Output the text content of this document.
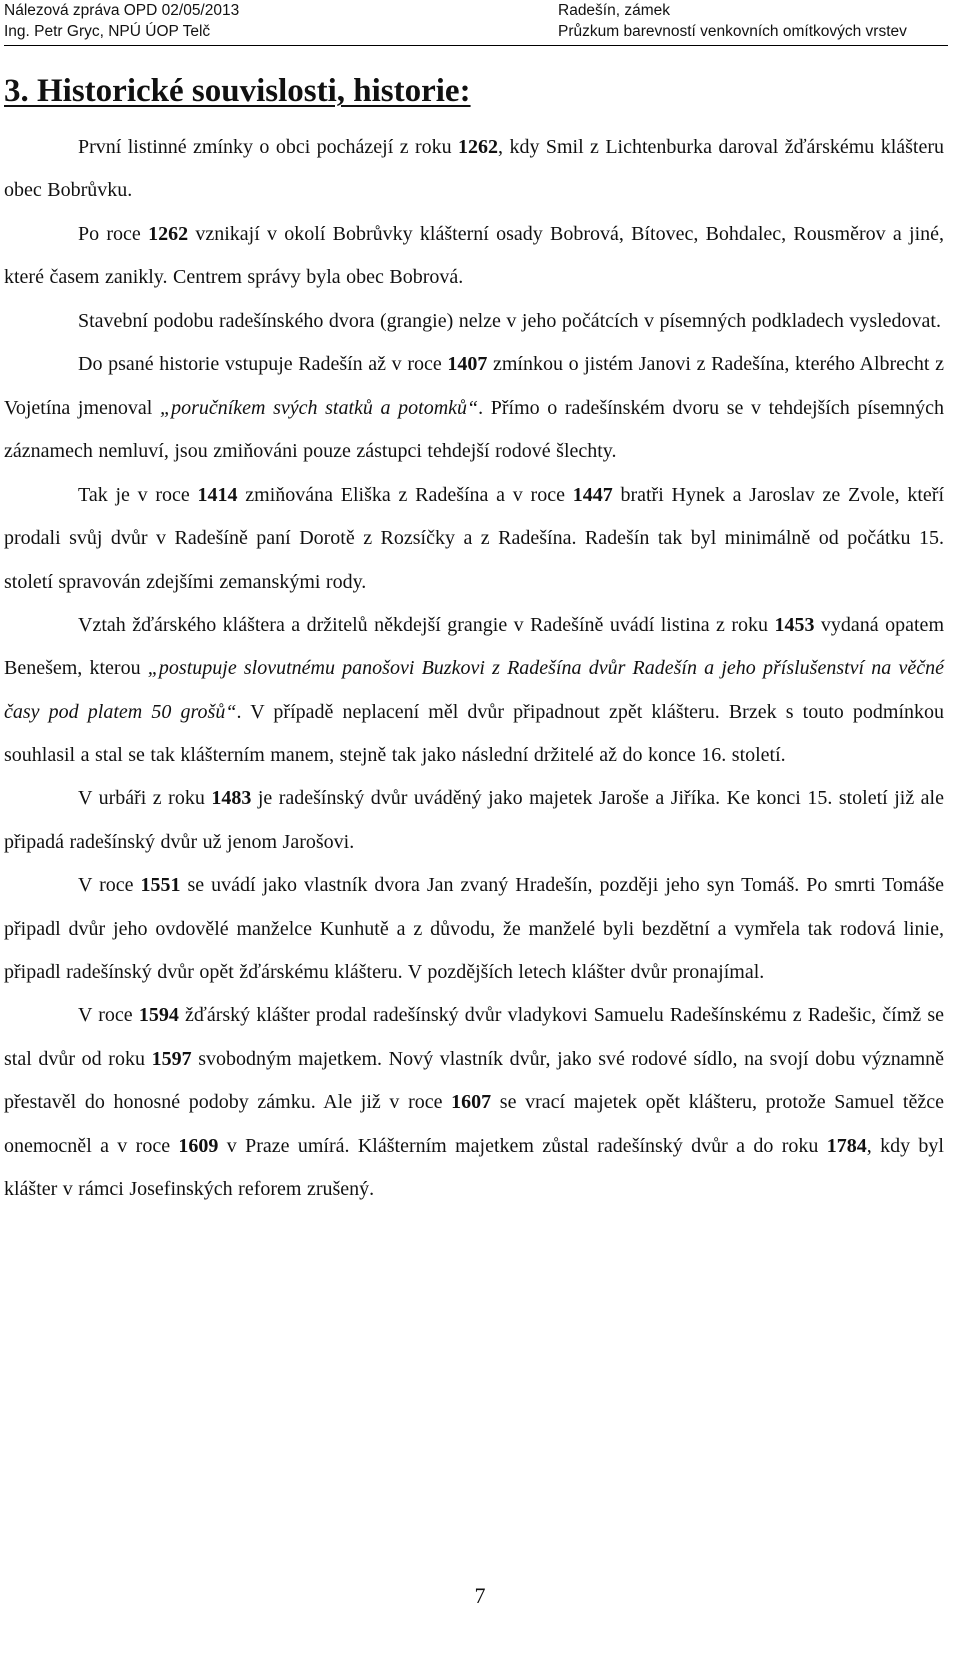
Nálezová zpráva OPD 02/05/2013
Ing. Petr Gryc, NPÚ ÚOP Telč
Radešín, zámek
Průzkum barevností venkovních omítkových vrstev
3. Historické souvislosti, historie:

První listinné zmínky o obci pocházejí z roku 1262, kdy Smil z Lichtenburka daroval žďárskému klášteru obec Bobrůvku.

Po roce 1262 vznikají v okolí Bobrůvky klášterní osady Bobrová, Bítovec, Bohdalec, Rousměrov a jiné, které časem zanikly. Centrem správy byla obec Bobrová.

Stavební podobu radešínského dvora (grangie) nelze v jeho počátcích v písemných podkladech vysledovat.

Do psané historie vstupuje Radešín až v roce 1407 zmínkou o jistém Janovi z Radešína, kterého Albrecht z Vojetína jmenoval „poručníkem svých statků a potomků“. Přímo o radešínském dvoru se v tehdejších písemných záznamech nemluví, jsou zmiňováni pouze zástupci tehdejší rodové šlechty.

Tak je v roce 1414 zmiňována Eliška z Radešína a v roce 1447 bratři Hynek a Jaroslav ze Zvole, kteří prodali svůj dvůr v Radešíně paní Dorotě z Rozsíčky a z Radešína. Radešín tak byl minimálně od počátku 15. století spravován zdejšími zemanskými rody.

Vztah žďárského kláštera a držitelů někdejší grangie v Radešíně uvádí listina z roku 1453 vydaná opatem Benešem, kterou „postupuje slovutnému panošovi Buzkovi z Radešína dvůr Radešín a jeho příslušenství na věčné časy pod platem 50 grošů“. V případě neplacení měl dvůr připadnout zpět klášteru. Brzek s touto podmínkou souhlasil a stal se tak klášterním manem, stejně tak jako následní držitelé až do konce 16. století.

V urbáři z roku 1483 je radešínský dvůr uváděný jako majetek Jaroše a Jiříka. Ke konci 15. století již ale připadá radešínský dvůr už jenom Jarošovi.

V roce 1551 se uvádí jako vlastník dvora Jan zvaný Hradešín, později jeho syn Tomáš. Po smrti Tomáše připadl dvůr jeho ovdovělé manželce Kunhutě a z důvodu, že manželé byli bezdětní a vymřela tak rodová linie, připadl radešínský dvůr opět žďárskému klášteru. V pozdějších letech klášter dvůr pronajímal.

V roce 1594 žďárský klášter prodal radešínský dvůr vladykovi Samuelu Radešínskému z Radešic, čímž se stal dvůr od roku 1597 svobodným majetkem. Nový vlastník dvůr, jako své rodové sídlo, na svojí dobu významně přestavěl do honosné podoby zámku. Ale již v roce 1607 se vrací majetek opět klášteru, protože Samuel těžce onemocněl a v roce 1609 v Praze umírá. Klášterním majetkem zůstal radešínský dvůr a do roku 1784, kdy byl klášter v rámci Josefinských reforem zrušený.

7
